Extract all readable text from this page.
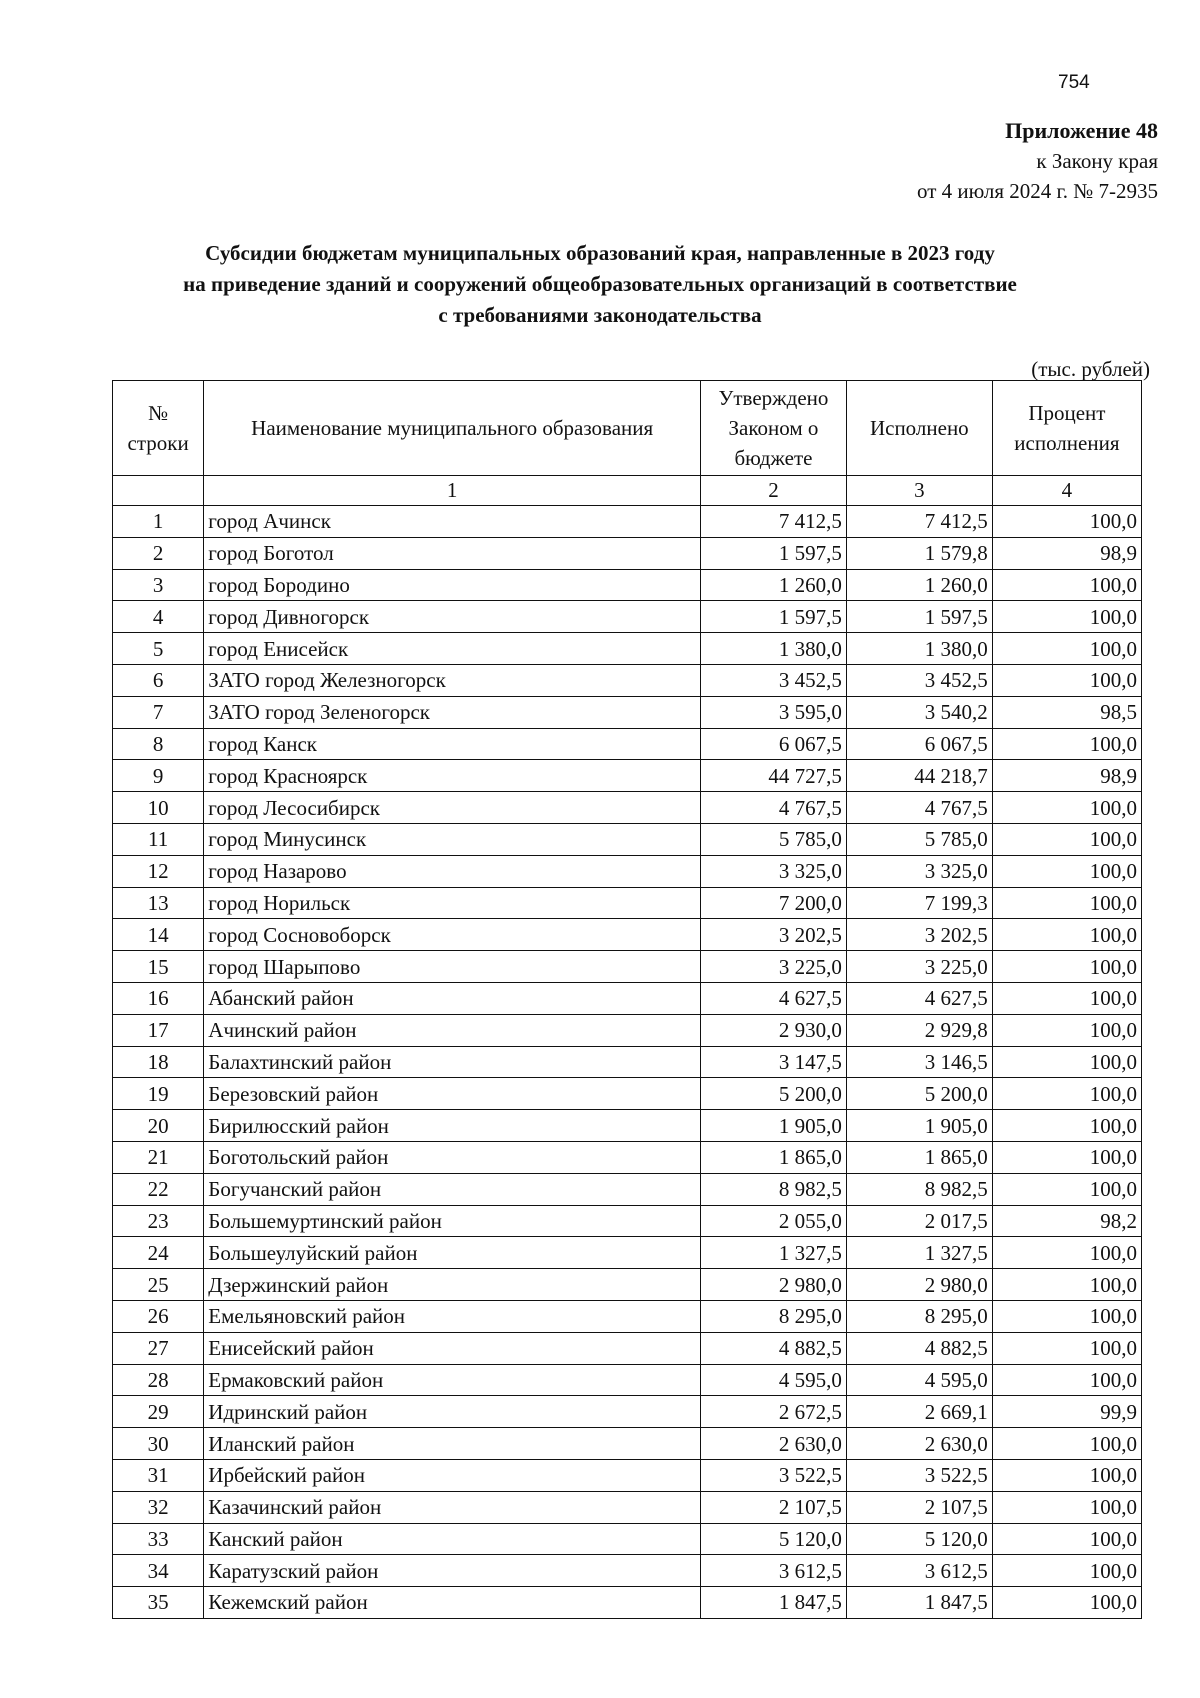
754
Приложение 48
к Закону края
от 4 июля 2024 г. № 7-2935
Субсидии бюджетам муниципальных образований края, направленные в 2023 году
на приведение зданий и сооружений общеобразовательных организаций в соответствие
с требованиями законодательства
(тыс. рублей)
№ строки	Наименование муниципального образования	Утверждено Законом о бюджете	Исполнено	Процент исполнения
	1	2	3	4
1	город Ачинск	7 412,5	7 412,5	100,0
2	город Боготол	1 597,5	1 579,8	98,9
3	город Бородино	1 260,0	1 260,0	100,0
4	город Дивногорск	1 597,5	1 597,5	100,0
5	город Енисейск	1 380,0	1 380,0	100,0
6	ЗАТО город Железногорск	3 452,5	3 452,5	100,0
7	ЗАТО город Зеленогорск	3 595,0	3 540,2	98,5
8	город Канск	6 067,5	6 067,5	100,0
9	город Красноярск	44 727,5	44 218,7	98,9
10	город Лесосибирск	4 767,5	4 767,5	100,0
11	город Минусинск	5 785,0	5 785,0	100,0
12	город Назарово	3 325,0	3 325,0	100,0
13	город Норильск	7 200,0	7 199,3	100,0
14	город Сосновоборск	3 202,5	3 202,5	100,0
15	город Шарыпово	3 225,0	3 225,0	100,0
16	Абанский район	4 627,5	4 627,5	100,0
17	Ачинский район	2 930,0	2 929,8	100,0
18	Балахтинский район	3 147,5	3 146,5	100,0
19	Березовский район	5 200,0	5 200,0	100,0
20	Бирилюсский район	1 905,0	1 905,0	100,0
21	Боготольский район	1 865,0	1 865,0	100,0
22	Богучанский район	8 982,5	8 982,5	100,0
23	Большемуртинский район	2 055,0	2 017,5	98,2
24	Большеулуйский район	1 327,5	1 327,5	100,0
25	Дзержинский район	2 980,0	2 980,0	100,0
26	Емельяновский район	8 295,0	8 295,0	100,0
27	Енисейский район	4 882,5	4 882,5	100,0
28	Ермаковский район	4 595,0	4 595,0	100,0
29	Идринский район	2 672,5	2 669,1	99,9
30	Иланский район	2 630,0	2 630,0	100,0
31	Ирбейский район	3 522,5	3 522,5	100,0
32	Казачинский район	2 107,5	2 107,5	100,0
33	Канский район	5 120,0	5 120,0	100,0
34	Каратузский район	3 612,5	3 612,5	100,0
35	Кежемский район	1 847,5	1 847,5	100,0
